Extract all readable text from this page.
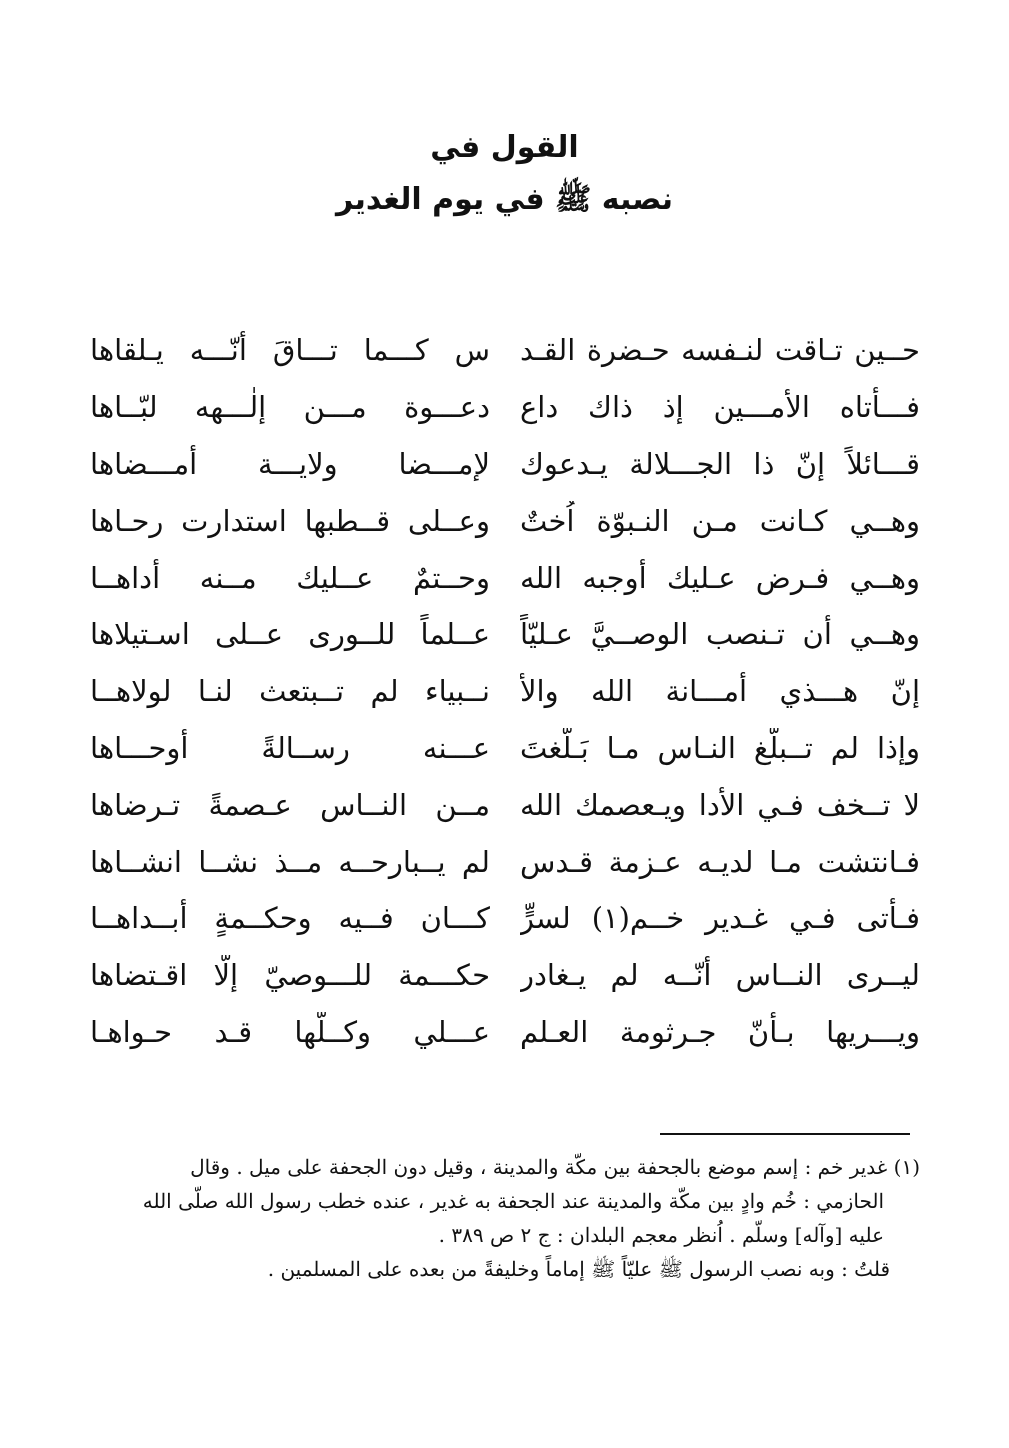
القول في

نصبه ﷺ في يوم الغدير

حــين تـاقت لنـفسه حـضرة القـد
س كـــما تـــاقَ أنّـــه يـلقاها
فـــأتاه الأمـــين إذ ذاك داع
دعـــوة مـــن إلٰـــهه لبّــاها
قـــائلاً إنّ ذا الجـــلالة يـدعوك
لإمـــضا ولايـــة أمـــضاها
وهــي كـانت مـن النـبوّة اُختٌ
وعــلى قــطبها استدارت رحـاها
وهــي فـرض عـليك أوجبه الله
وحــتمٌ عــليك مــنه أداهــا
وهــي أن تـنصب الوصــيَّ عـليّاً
عــلماً للــورى عــلى اسـتيلاها
إنّ هـــذي أمـــانة الله والأ
نــبياء لم تــبتعث لنـا لولاهــا
وإذا لم تــبلّغ النـاس مـا بَـلَّغتَ
عـــنه رســالةً أوحـــاها
لا تــخف فـي الأدا ويـعصمك الله
مــن النــاس عـصمةً تـرضاها
فـانتشت مـا لديـه عـزمة قـدس
لم يــبارحــه مــذ نشــا انشــاها
فـأتى فـي غـدير خــم(١) لسرٍّ
كـــان فــيه وحكــمةٍ أبــداهــا
ليــرى النــاس أنّــه لم يـغادر
حكـــمة للـــوصيّ إلّا اقـتضاها
ويـــريها بـأنّ جـرثومة العـلم
عـــلي وكــلّها قـد حـواهـا

(١) غدير خم : إسم موضع بالجحفة بين مكّة والمدينة ، وقيل دون الجحفة على ميل . وقال
الحازمي : خُم وادٍ بين مكّة والمدينة عند الجحفة به غدير ، عنده خطب رسول الله صلّى الله
عليه [وآله] وسلّم . اُنظر معجم البلدان : ج ٢ ص ٣٨٩ .

قلتُ : وبه نصب الرسول ﷺ عليّاً ﷺ إماماً وخليفةً من بعده على المسلمين .
